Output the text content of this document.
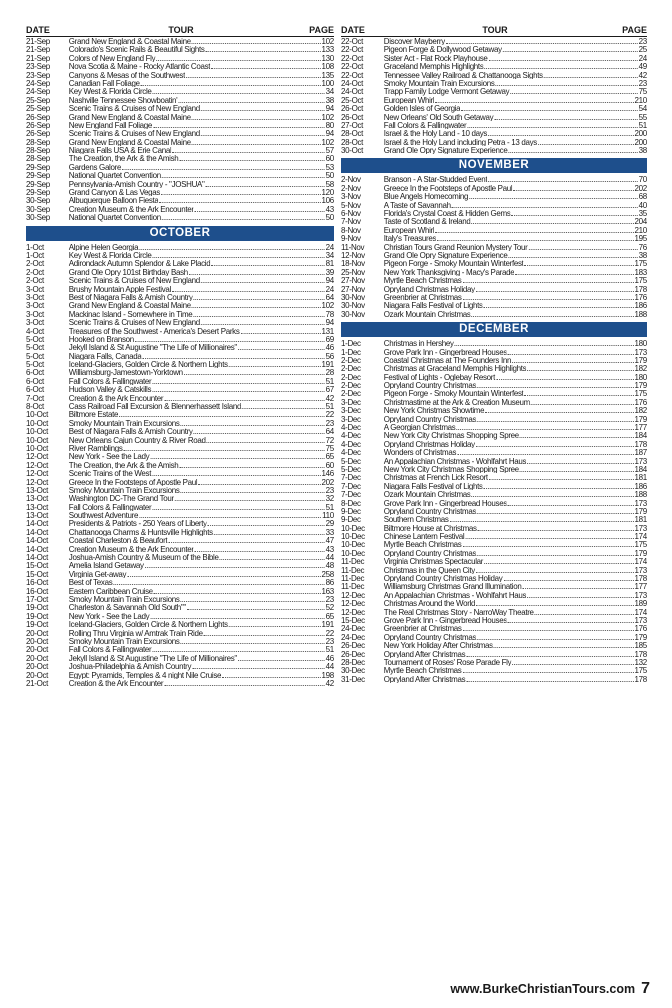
DATE	TOUR	PAGE
21-Sep	Grand New England & Coastal Maine	102
21-Sep	Colorado's Scenic Rails & Beautiful Sights	133
21-Sep	Colors of New England Fly	130
23-Sep	Nova Scotia & Maine - Rocky Atlantic Coast	108
23-Sep	Canyons & Mesas of the Southwest	135
24-Sep	Canadian Fall Foliage	100
24-Sep	Key West & Florida Circle	34
25-Sep	Nashville Tennessee Showboatin'	38
25-Sep	Scenic Trains & Cruises of New England	94
26-Sep	Grand New England & Coastal Maine	102
26-Sep	New England Fall Foliage	80
26-Sep	Scenic Trains & Cruises of New England	94
28-Sep	Grand New England & Coastal Maine	102
28-Sep	Niagara Falls USA & Erie Canal	57
28-Sep	The Creation, the Ark & the Amish	60
29-Sep	Gardens Galore	53
29-Sep	National Quartet Convention	50
29-Sep	Pennsylvania-Amish Country - "JOSHUA"	58
29-Sep	Grand Canyon & Las Vegas	120
30-Sep	Albuquerque Balloon Fiesta	106
30-Sep	Creation Museum & the Ark Encounter	43
30-Sep	National Quartet Convention	50
OCTOBER
1-Oct	Alpine Helen Georgia	24
1-Oct	Key West & Florida Circle	34
2-Oct	Adirondack Autumn Splendor & Lake Placid	81
2-Oct	Grand Ole Opry 101st Birthday Bash	39
2-Oct	Scenic Trains & Cruises of New England	94
3-Oct	Brushy Mountain Apple Festival	24
3-Oct	Best of Niagara Falls & Amish Country	64
3-Oct	Grand New England & Coastal Maine	102
3-Oct	Mackinac Island - Somewhere in Time	78
3-Oct	Scenic Trains & Cruises of New England	94
4-Oct	Treasures of the Southwest - America's Desert Parks	131
5-Oct	Hooked on Branson	69
5-Oct	Jekyll Island & St Augustine "The Life of Millionaires"	46
5-Oct	Niagara Falls, Canada	56
5-Oct	Iceland-Glaciers, Golden Circle & Northern Lights	191
6-Oct	Williamsburg-Jamestown-Yorktown	28
6-Oct	Fall Colors & Fallingwater	51
6-Oct	Hudson Valley & Catskills	67
7-Oct	Creation & the Ark Encounter	42
8-Oct	Cass Railroad Fall Excursion & Blennerhassett Island	51
10-Oct	Biltmore Estate	22
10-Oct	Smoky Mountain Train Excursions	23
10-Oct	Best of Niagara Falls & Amish Country	64
10-Oct	New Orleans Cajun Country & River Road	72
10-Oct	River Ramblings	75
12-Oct	New York - See the Lady	65
12-Oct	The Creation, the Ark & the Amish	60
12-Oct	Scenic Trains of the West	146
12-Oct	Greece In the Footsteps of Apostle Paul	202
13-Oct	Smoky Mountain Train Excursions	23
13-Oct	Washington DC-The Grand Tour	32
13-Oct	Fall Colors & Fallingwater	51
13-Oct	Southwest Adventure	110
14-Oct	Presidents & Patriots - 250 Years of Liberty	29
14-Oct	Chattanooga Charms & Huntsville Highlights	33
14-Oct	Coastal Charleston & Beaufort	47
14-Oct	Creation Museum & the Ark Encounter	43
14-Oct	Joshua-Amish Country & Museum of the Bible	44
15-Oct	Amelia Island Getaway	48
15-Oct	Virginia Get-away	258
16-Oct	Best of Texas	86
16-Oct	Eastern Caribbean Cruise	163
17-Oct	Smoky Mountain Train Excursions	23
19-Oct	Charleston & Savannah Old South""	52
19-Oct	New York - See the Lady	65
19-Oct	Iceland-Glaciers, Golden Circle & Northern Lights	191
20-Oct	Rolling Thru Virginia w/ Amtrak Train Ride	22
20-Oct	Smoky Mountain Train Excursions	23
20-Oct	Fall Colors & Fallingwater	51
20-Oct	Jekyll Island & St Augustine "The Life of Millionaires"	46
20-Oct	Joshua-Philadelphia & Amish Country	44
20-Oct	Egypt: Pyramids, Temples & 4 night Nile Cruise	198
21-Oct	Creation & the Ark Encounter	42
DATE	TOUR	PAGE
22-Oct	Discover Mayberry	23
22-Oct	Pigeon Forge & Dollywood Getaway	25
22-Oct	Sister Act - Flat Rock Playhouse	24
22-Oct	Graceland Memphis Highlights	49
22-Oct	Tennessee Valley Railroad & Chattanooga Sights	42
24-Oct	Smoky Mountain Train Excursions	23
24-Oct	Trapp Family Lodge Vermont Getaway	75
25-Oct	European Whirl	210
26-Oct	Golden Isles of Georgia	54
26-Oct	New Orleans' Old South Getaway	55
27-Oct	Fall Colors & Fallingwater	51
28-Oct	Israel & the Holy Land - 10 days	200
28-Oct	Israel & the Holy Land including Petra - 13 days	200
30-Oct	Grand Ole Opry Signature Experience	38
NOVEMBER
2-Nov	Branson - A Star-Studded Event	70
2-Nov	Greece In the Footsteps of Apostle Paul	202
3-Nov	Blue Angels Homecoming	68
5-Nov	A Taste of Savannah	40
6-Nov	Florida's Crystal Coast & Hidden Gems	35
7-Nov	Taste of Scotland & Ireland	204
8-Nov	European Whirl	210
9-Nov	Italy's Treasures	195
11-Nov	Christian Tours Grand Reunion Mystery Tour	76
12-Nov	Grand Ole Opry Signature Experience	38
18-Nov	Pigeon Forge - Smoky Mountain Winterfest	175
25-Nov	New York Thanksgiving - Macy's Parade	183
27-Nov	Myrtle Beach Christmas	175
27-Nov	Opryland Christmas Holiday	178
30-Nov	Greenbrier at Christmas	176
30-Nov	Niagara Falls Festival of Lights	186
30-Nov	Ozark Mountain Christmas	188
DECEMBER
1-Dec	Christmas in Hershey	180
1-Dec	Grove Park Inn - Gingerbread Houses	173
2-Dec	Coastal Christmas at The Founders Inn	179
2-Dec	Christmas at Graceland Memphis Highlights	182
2-Dec	Festival of Lights - Oglebay Resort	180
2-Dec	Opryland Country Christmas	179
2-Dec	Pigeon Forge - Smoky Mountain Winterfest	175
3-Dec	Christmastime at the Ark & Creation Museum	176
3-Dec	New York Christmas Showtime	182
3-Dec	Opryland Country Christmas	179
4-Dec	A Georgian Christmas	177
4-Dec	New York City Christmas Shopping Spree	184
4-Dec	Opryland Christmas Holiday	178
4-Dec	Wonders of Christmas	187
5-Dec	An Appalachian Christmas - Wohlfahrt Haus	173
5-Dec	New York City Christmas Shopping Spree	184
7-Dec	Christmas at French Lick Resort	181
7-Dec	Niagara Falls Festival of Lights	186
7-Dec	Ozark Mountain Christmas	188
8-Dec	Grove Park Inn - Gingerbread Houses	173
9-Dec	Opryland Country Christmas	179
9-Dec	Southern Christmas	181
10-Dec	Biltmore House at Christmas	173
10-Dec	Chinese Lantern Festival	174
10-Dec	Myrtle Beach Christmas	175
10-Dec	Opryland Country Christmas	179
11-Dec	Virginia Christmas Spectacular	174
11-Dec	Christmas in the Queen City	173
11-Dec	Opryland Country Christmas Holiday	178
11-Dec	Williamsburg Christmas Grand Illumination	177
12-Dec	An Appalachian Christmas - Wohlfahrt Haus	173
12-Dec	Christmas Around the World	189
12-Dec	The Real Christmas Story - NarroWay Theatre	174
15-Dec	Grove Park Inn - Gingerbread Houses	173
24-Dec	Greenbrier at Christmas	176
24-Dec	Opryland Country Christmas	179
26-Dec	New York Holiday After Christmas	185
26-Dec	Opryland After Christmas	178
28-Dec	Tournament of Roses' Rose Parade Fly	132
30-Dec	Myrtle Beach Christmas	175
31-Dec	Opryland After Christmas	178
www.BurkeChristianTours.com 7
